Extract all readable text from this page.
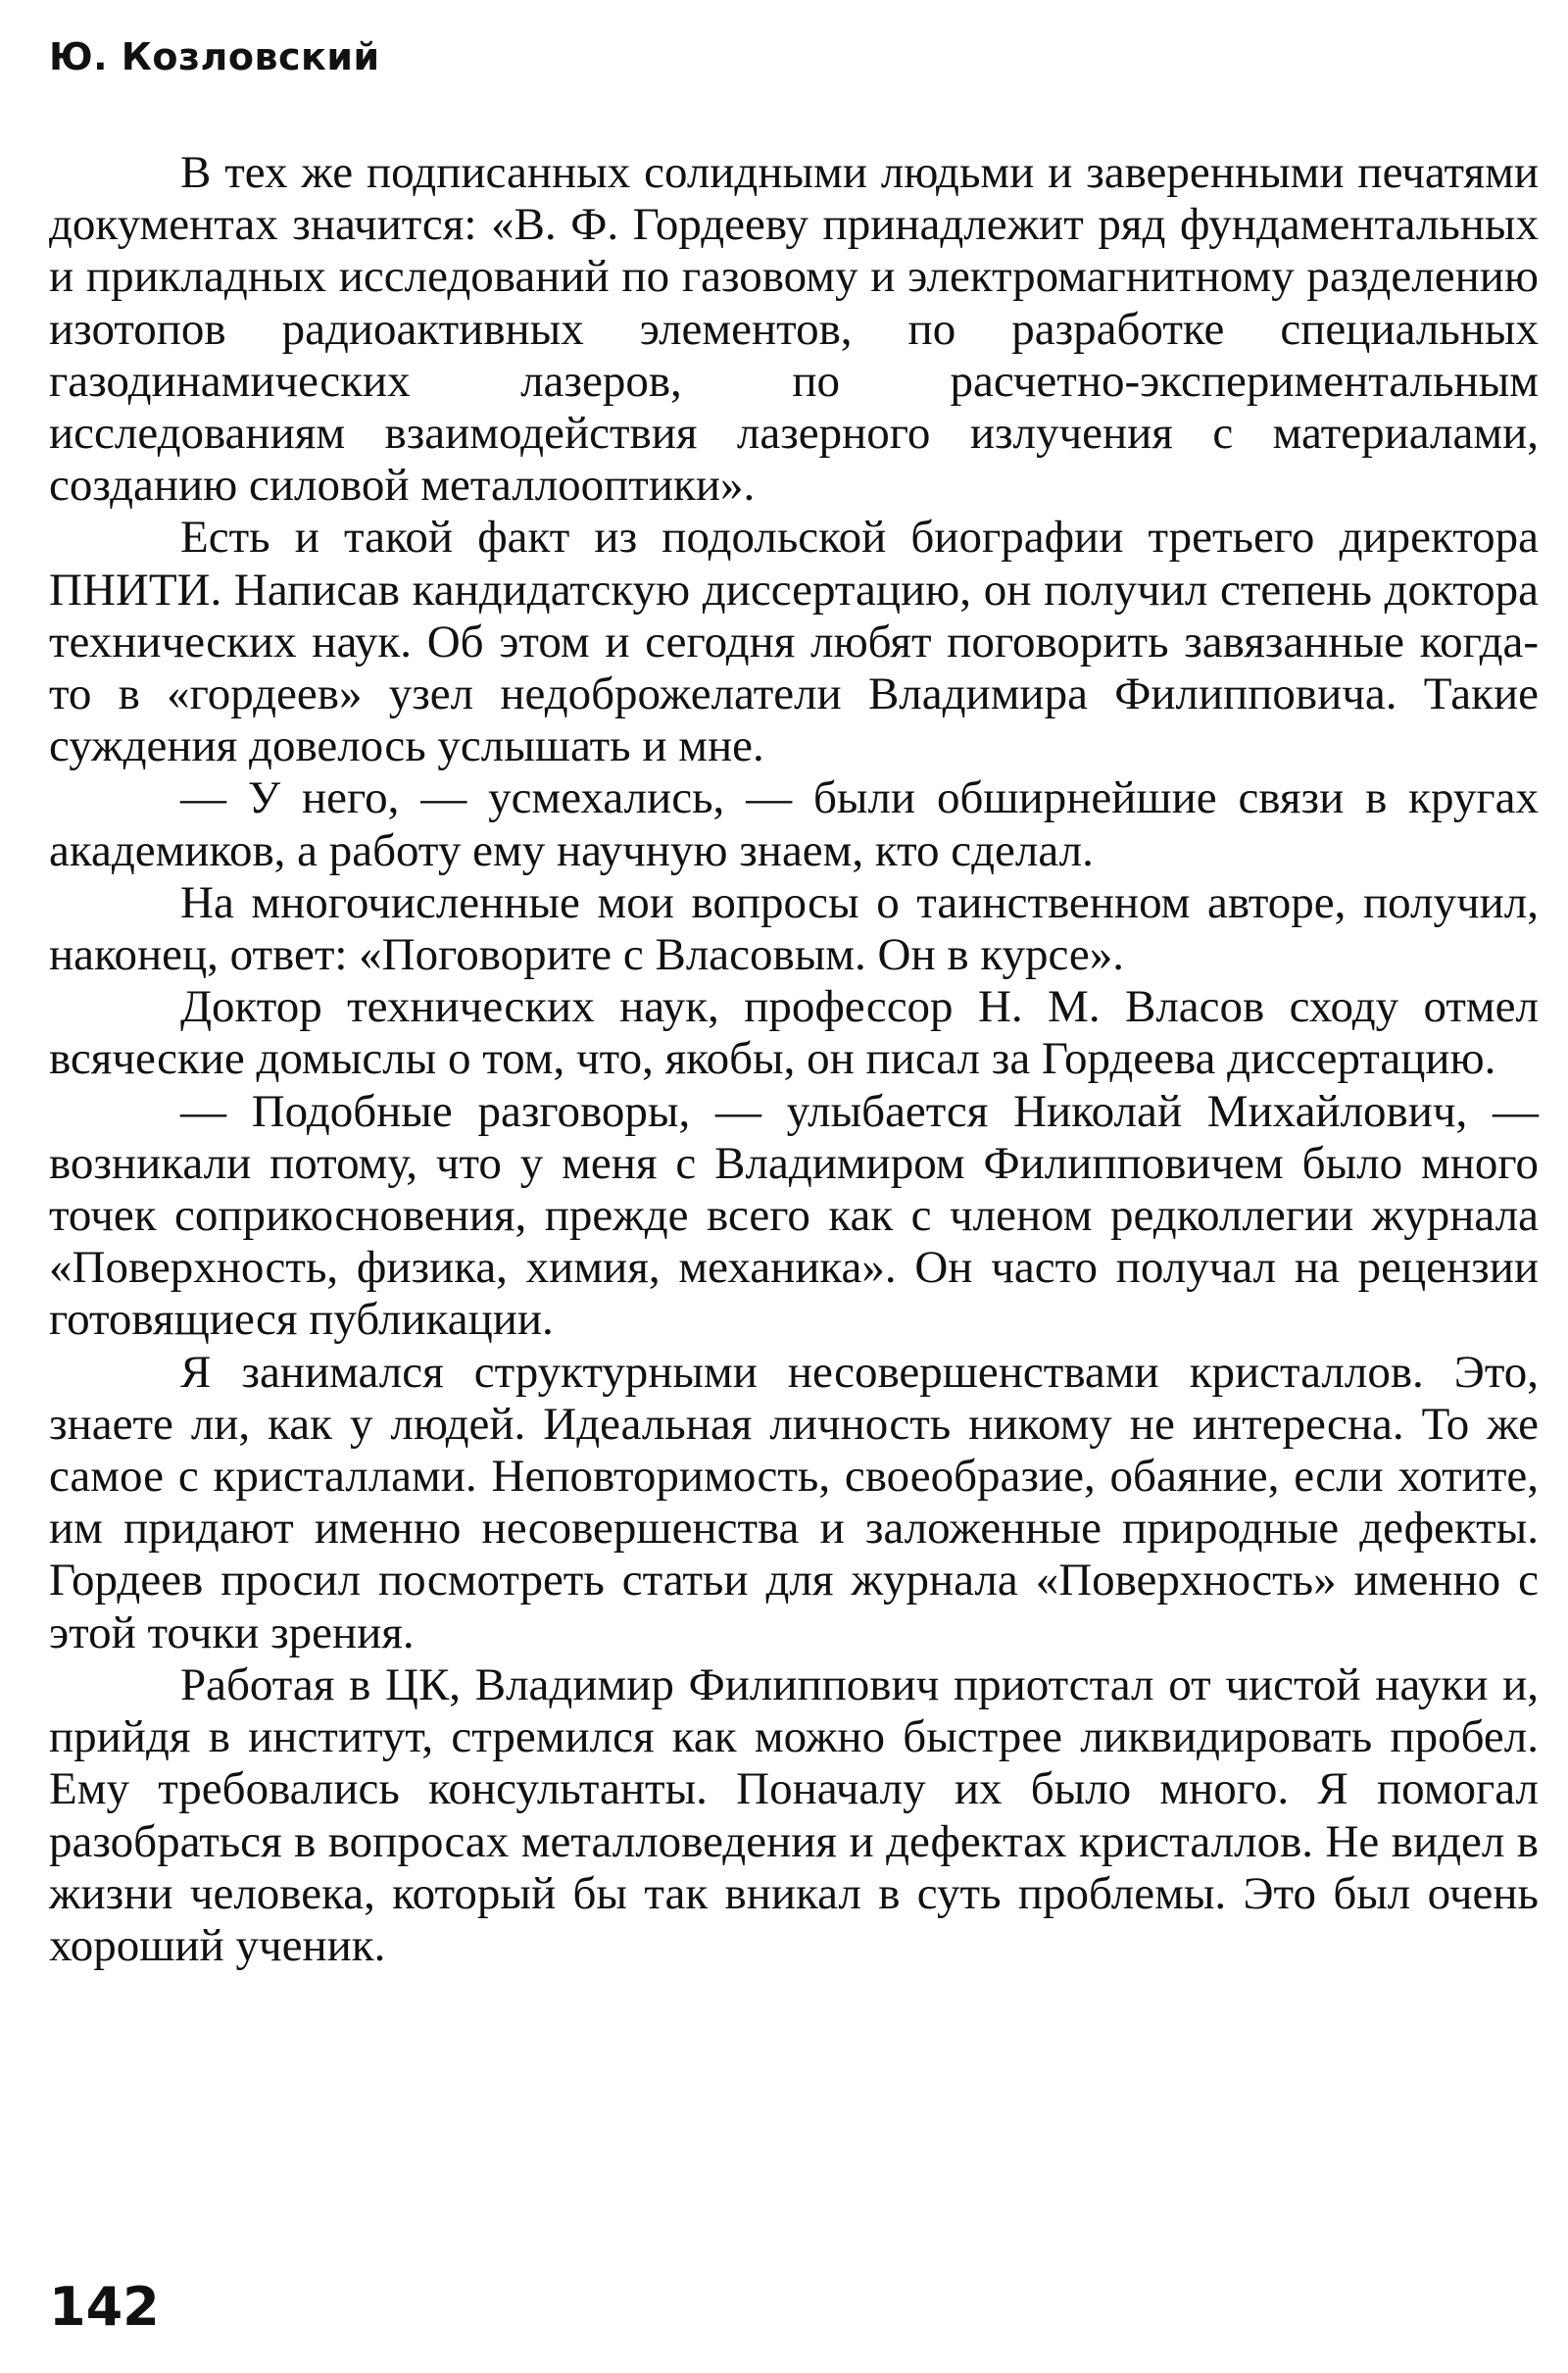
Ю. Козловский

В тех же подписанных солидными людьми и заверенными печатями документах значится: «В. Ф. Гордееву принадлежит ряд фундаментальных и прикладных исследований по газовому и электромагнитному разделению изотопов радиоактивных элементов, по разработке специальных газодинамических лазеров, по расчетно-экспериментальным исследованиям взаимодействия лазерного излучения с материалами, созданию силовой металлооптики».

Есть и такой факт из подольской биографии третьего директора ПНИТИ. Написав кандидатскую диссертацию, он получил степень доктора технических наук. Об этом и сегодня любят поговорить завязанные когда-то в «гордеев» узел недоброжелатели Владимира Филипповича. Такие суждения довелось услышать и мне.

— У него, — усмехались, — были обширнейшие связи в кругах академиков, а работу ему научную знаем, кто сделал.

На многочисленные мои вопросы о таинственном авторе, получил, наконец, ответ: «Поговорите с Власовым. Он в курсе».

Доктор технических наук, профессор Н. М. Власов сходу отмел всяческие домыслы о том, что, якобы, он писал за Гордеева диссертацию.

— Подобные разговоры, — улыбается Николай Михайлович, — возникали потому, что у меня с Владимиром Филипповичем было много точек соприкосновения, прежде всего как с членом редколлегии журнала «Поверхность, физика, химия, механика». Он часто получал на рецензии готовящиеся публикации.

Я занимался структурными несовершенствами кристаллов. Это, знаете ли, как у людей. Идеальная личность никому не интересна. То же самое с кристаллами. Неповторимость, своеобразие, обаяние, если хотите, им придают именно несовершенства и заложенные природные дефекты. Гордеев просил посмотреть статьи для журнала «Поверхность» именно с этой точки зрения.

Работая в ЦК, Владимир Филиппович приотстал от чистой науки и, прийдя в институт, стремился как можно быстрее ликвидировать пробел. Ему требовались консультанты. Поначалу их было много. Я помогал разобраться в вопросах металловедения и дефектах кристаллов. Не видел в жизни человека, который бы так вникал в суть проблемы. Это был очень хороший ученик.

142
